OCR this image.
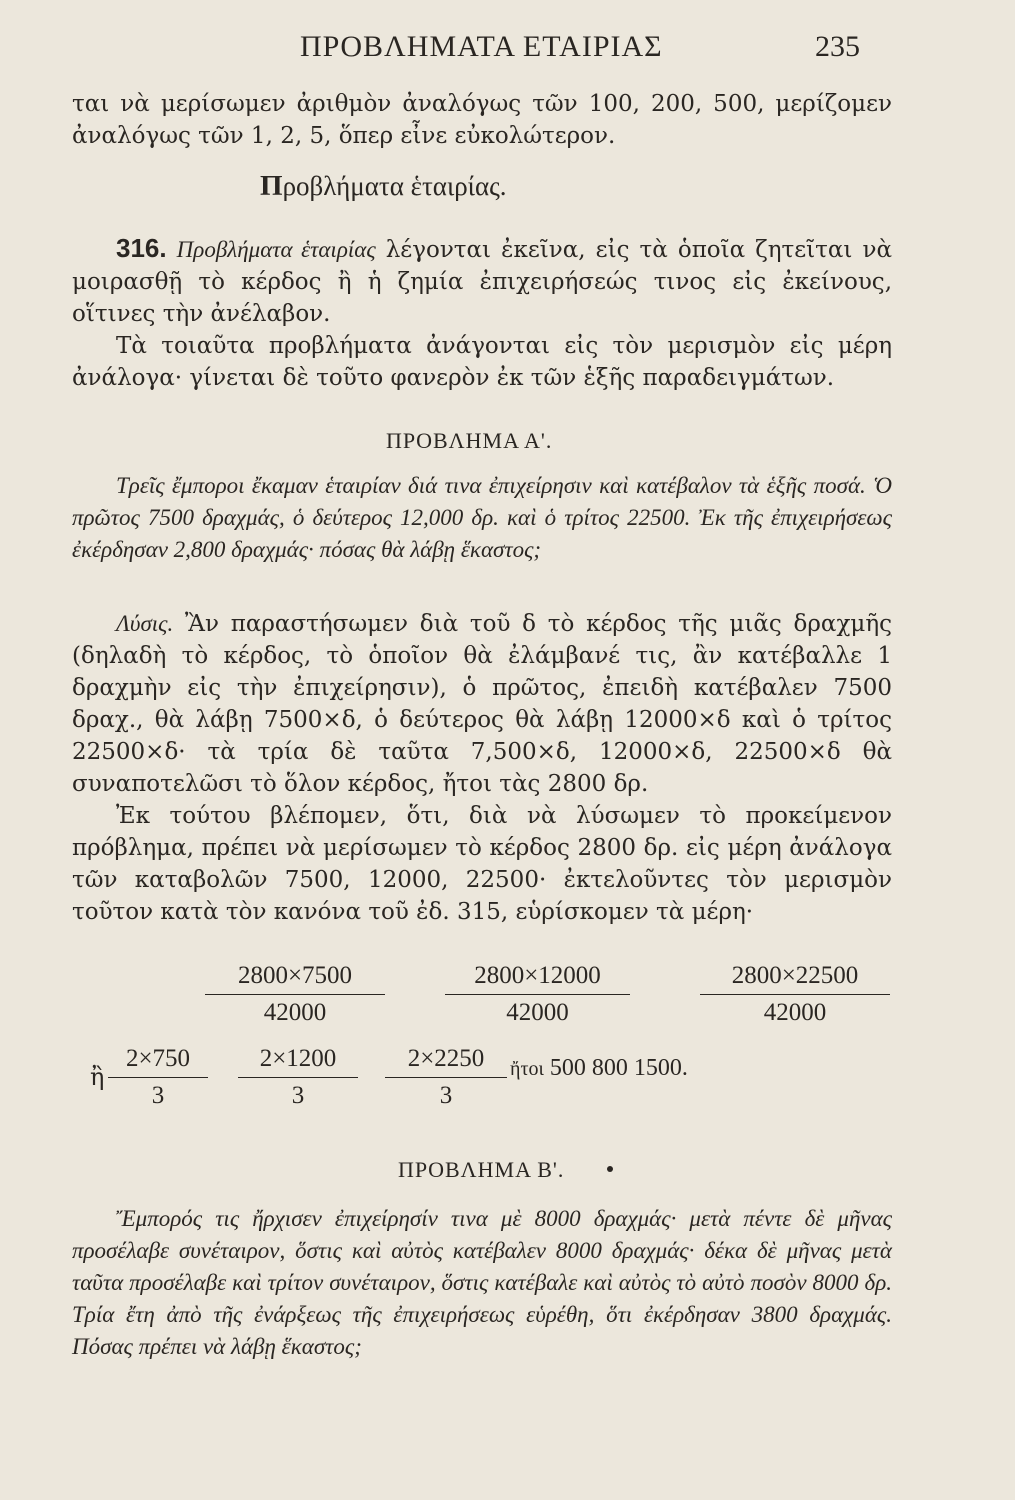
ΠΡΟΒΛΗΜΑΤΑ ΕΤΑΙΡΙΑΣ	235

ται νὰ μερίσωμεν ἀριθμὸν ἀναλόγως τῶν 100, 200, 500, μερίζομεν ἀναλόγως τῶν 1, 2, 5, ὅπερ εἶνε εὐκολώτερον.

Προβλήματα ἑταιρίας.

316. Προβλήματα ἑταιρίας λέγονται ἐκεῖνα, εἰς τὰ ὁποῖα ζητεῖται νὰ μοιρασθῇ τὸ κέρδος ἢ ἡ ζημία ἐπιχειρήσεώς τινος εἰς ἐκείνους, οἵτινες τὴν ἀνέλαβον.

Τὰ τοιαῦτα προβλήματα ἀνάγονται εἰς τὸν μερισμὸν εἰς μέρη ἀνάλογα· γίνεται δὲ τοῦτο φανερὸν ἐκ τῶν ἑξῆς παραδειγμάτων.

ΠΡΟΒΛΗΜΑ Α'.

Τρεῖς ἔμποροι ἔκαμαν ἑταιρίαν διά τινα ἐπιχείρησιν καὶ κατέβαλον τὰ ἑξῆς ποσά. Ὁ πρῶτος 7500 δραχμάς, ὁ δεύτερος 12,000 δρ. καὶ ὁ τρίτος 22500. Ἐκ τῆς ἐπιχειρήσεως ἐκέρδησαν 2,800 δραχμάς· πόσας θὰ λάβῃ ἕκαστος;

Λύσις. Ἂν παραστήσωμεν διὰ τοῦ δ τὸ κέρδος τῆς μιᾶς δραχμῆς (δηλαδὴ τὸ κέρδος, τὸ ὁποῖον θὰ ἐλάμβανέ τις, ἂν κατέβαλλε 1 δραχμὴν εἰς τὴν ἐπιχείρησιν), ὁ πρῶτος, ἐπειδὴ κατέβαλεν 7500 δραχ., θὰ λάβῃ 7500×δ, ὁ δεύτερος θὰ λάβῃ 12000×δ καὶ ὁ τρίτος 22500×δ· τὰ τρία δὲ ταῦτα 7,500×δ, 12000×δ, 22500×δ θὰ συναποτελῶσι τὸ ὅλον κέρδος, ἤτοι τὰς 2800 δρ.

Ἐκ τούτου βλέπομεν, ὅτι, διὰ νὰ λύσωμεν τὸ προκείμενον πρόβλημα, πρέπει νὰ μερίσωμεν τὸ κέρδος 2800 δρ. εἰς μέρη ἀνάλογα τῶν καταβολῶν 7500, 12000, 22500· ἐκτελοῦντες τὸν μερισμὸν τοῦτον κατὰ τὸν κανόνα τοῦ ἐδ. 315, εὑρίσκομεν τὰ μέρη·

$\frac{2800\times 7500}{42000} \frac{2800\times 12000}{42000}$	$\frac{2800\times 22500}{42000}$
ἢ $\frac{2\times 750}{3} \frac{2\times 1200}{3} \frac{2\times 2250}{3}$ ἤτοι 500 800 1500.
ΠΡΟΒΛΗΜΑ Β'.

Ἔμπορός τις ἤρχισεν ἐπιχείρησίν τινα μὲ 8000 δραχμάς· μετὰ πέντε δὲ μῆνας προσέλαβε συνέταιρον, ὅστις καὶ αὐτὸς κατέβαλεν 8000 δραχμάς· δέκα δὲ μῆνας μετὰ ταῦτα προσέλαβε καὶ τρίτον συνέταιρον, ὅστις κατέβαλε καὶ αὐτὸς τὸ αὐτὸ ποσὸν 8000 δρ. Τρία ἔτη ἀπὸ τῆς ἐνάρξεως τῆς ἐπιχειρήσεως εὑρέθη, ὅτι ἐκέρδησαν 3800 δραχμάς. Πόσας πρέπει νὰ λάβῃ ἕκαστος;
